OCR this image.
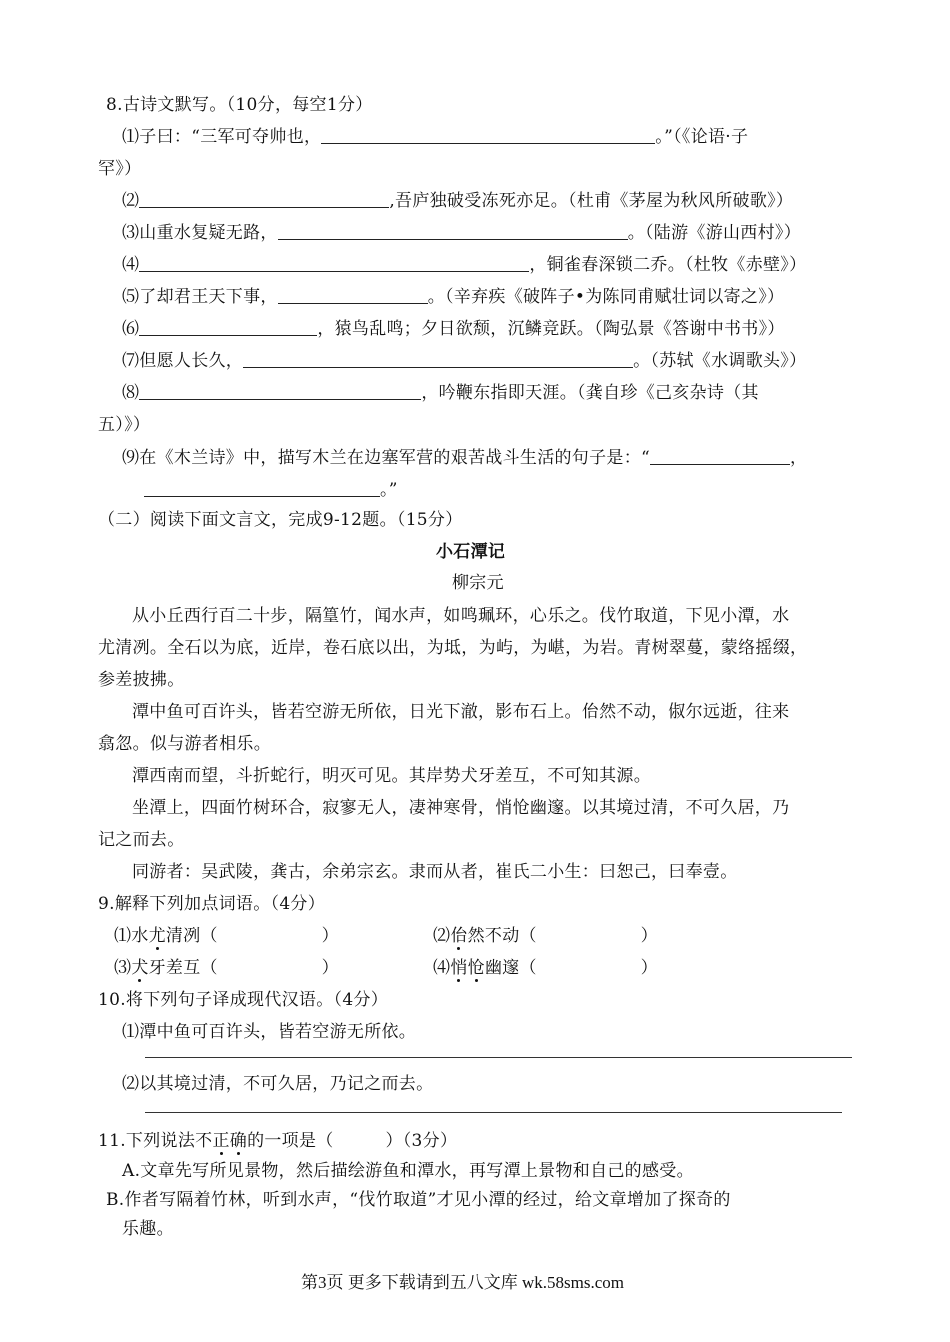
8.古诗文默写。（10分，每空1分）
⑴子曰：“三军可夺帅也，	。”（《论语·子
罕》）
⑵	,吾庐独破受冻死亦足。（杜甫《茅屋为秋风所破歌》）
⑶山重水复疑无路，	。（陆游《游山西村》）
⑷	，铜雀春深锁二乔。（杜牧《赤壁》）
⑸了却君王天下事，	。（辛弃疾《破阵子•为陈同甫赋壮词以寄之》）
⑹	，猿鸟乱鸣；夕日欲颓，沉鳞竞跃。（陶弘景《答谢中书书》）
⑺但愿人长久，	。（苏轼《水调歌头》）
⑻	，吟鞭东指即天涯。（龚自珍《己亥杂诗（其
五）》）
⑼在《木兰诗》中，描写木兰在边塞军营的艰苦战斗生活的句子是：“	，
。”
（二）阅读下面文言文，完成9-12题。（15分）
小石潭记
柳宗元
从小丘西行百二十步，隔篁竹，闻水声，如鸣珮环，心乐之。伐竹取道，下见小潭，水
尤清冽。全石以为底，近岸，卷石底以出，为坻，为屿，为嵁，为岩。青树翠蔓，蒙络摇缀，
参差披拂。
潭中鱼可百许头，皆若空游无所依，日光下澈，影布石上。佁然不动，俶尔远逝，往来
翕忽。似与游者相乐。
潭西南而望，斗折蛇行，明灭可见。其岸势犬牙差互，不可知其源。
坐潭上，四面竹树环合，寂寥无人，凄神寒骨，悄怆幽邃。以其境过清，不可久居，乃
记之而去。
同游者：吴武陵，龚古，余弟宗玄。隶而从者，崔氏二小生：曰恕己，曰奉壹。
9.解释下列加点词语。（4分）
⑴水尤清冽（　　　　　　）	⑵佁然不动（　　　　　　）
⑶犬牙差互（　　　　　　）	⑷悄怆幽邃（　　　　　　）
10.将下列句子译成现代汉语。（4分）
⑴潭中鱼可百许头，皆若空游无所依。
⑵以其境过清，不可久居，乃记之而去。
11.下列说法不正确的一项是（　　　）（3分）
A.文章先写所见景物，然后描绘游鱼和潭水，再写潭上景物和自己的感受。
B.作者写隔着竹林，听到水声，“伐竹取道”才见小潭的经过，给文章增加了探奇的
乐趣。
第3页 更多下载请到五八文库 wk.58sms.com
